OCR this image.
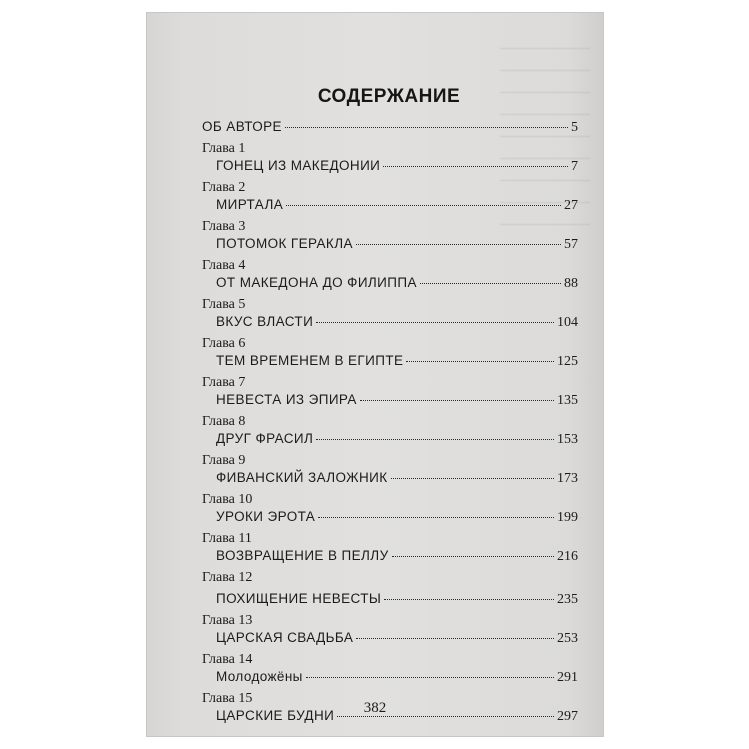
СОДЕРЖАНИЕ
ОБ АВТОРЕ	5
Глава 1
ГОНЕЦ ИЗ МАКЕДОНИИ	7
Глава 2
МИРТАЛА	27
Глава 3
ПОТОМОК ГЕРАКЛА	57
Глава 4
ОТ МАКЕДОНА ДО ФИЛИППА	88
Глава 5
ВКУС ВЛАСТИ	104
Глава 6
ТЕМ ВРЕМЕНЕМ В ЕГИПТЕ	125
Глава 7
НЕВЕСТА ИЗ ЭПИРА	135
Глава 8
ДРУГ ФРАСИЛ	153
Глава 9
ФИВАНСКИЙ ЗАЛОЖНИК	173
Глава 10
УРОКИ ЭРОТА	199
Глава 11
ВОЗВРАЩЕНИЕ В ПЕЛЛУ	216
Глава 12
ПОХИЩЕНИЕ НЕВЕСТЫ	235
Глава 13
ЦАРСКАЯ СВАДЬБА	253
Глава 14
Молодожёны	291
Глава 15
ЦАРСКИЕ БУДНИ	297
382
